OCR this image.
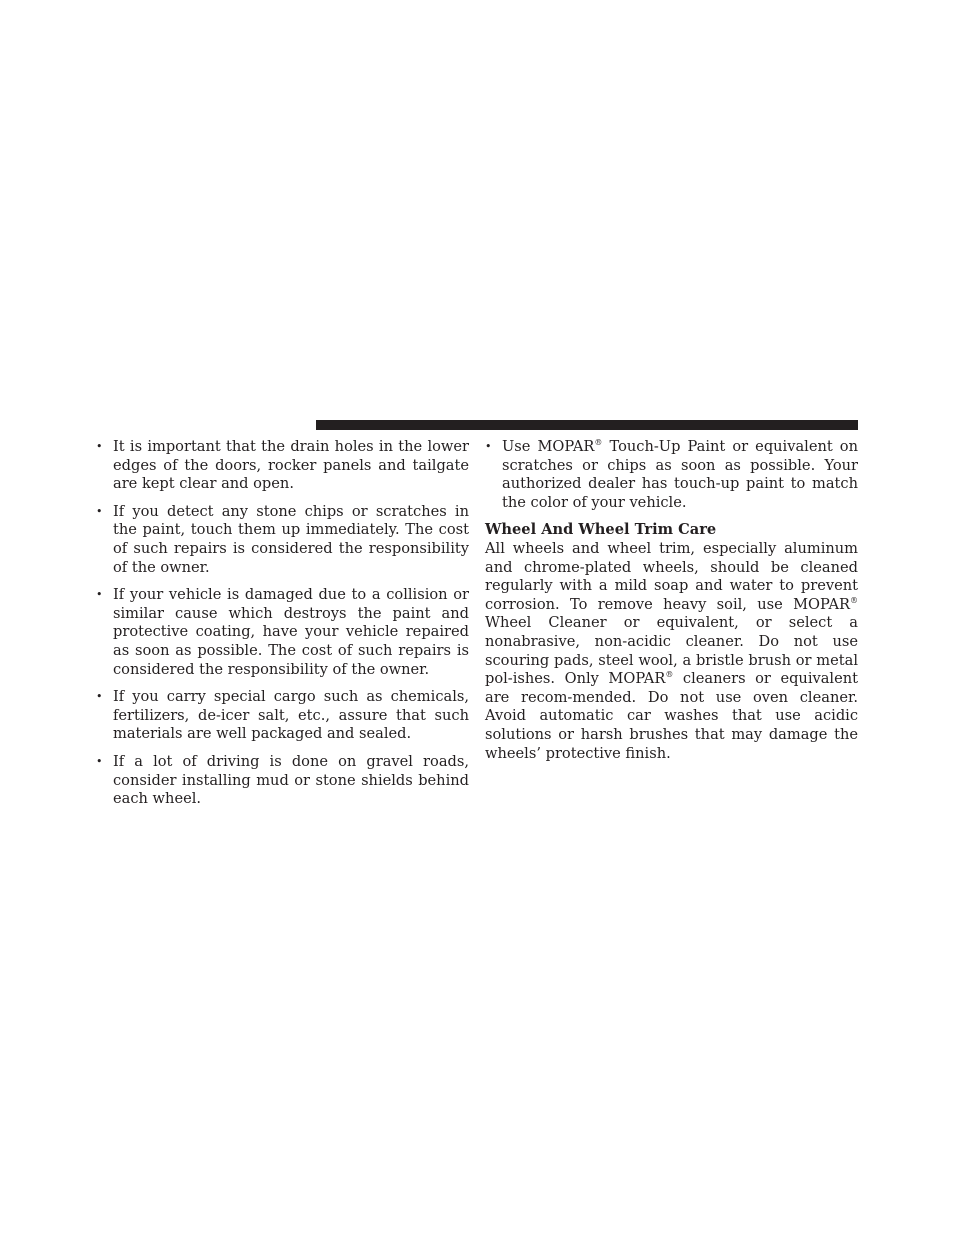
• It is important that the drain holes in the lower edges of the doors, rocker panels and tailgate are kept clear and open.
• If you detect any stone chips or scratches in the paint, touch them up immediately. The cost of such repairs is considered the responsibility of the owner.
• If your vehicle is damaged due to a collision or similar cause which destroys the paint and protective coating, have your vehicle repaired as soon as possible. The cost of such repairs is considered the responsibility of the owner.
• If you carry special cargo such as chemicals, fertilizers, de-icer salt, etc., assure that such materials are well packaged and sealed.
• If a lot of driving is done on gravel roads, consider installing mud or stone shields behind each wheel.
• Use MOPAR® Touch-Up Paint or equivalent on scratches or chips as soon as possible. Your authorized dealer has touch-up paint to match the color of your vehicle.
Wheel And Wheel Trim Care

All wheels and wheel trim, especially aluminum and chrome-plated wheels, should be cleaned regularly with a mild soap and water to prevent corrosion. To remove heavy soil, use MOPAR® Wheel Cleaner or equivalent, or select a nonabrasive, non-acidic cleaner. Do not use scouring pads, steel wool, a bristle brush or metal pol-ishes. Only MOPAR® cleaners or equivalent are recom-mended. Do not use oven cleaner. Avoid automatic car washes that use acidic solutions or harsh brushes that may damage the wheels’ protective finish.
